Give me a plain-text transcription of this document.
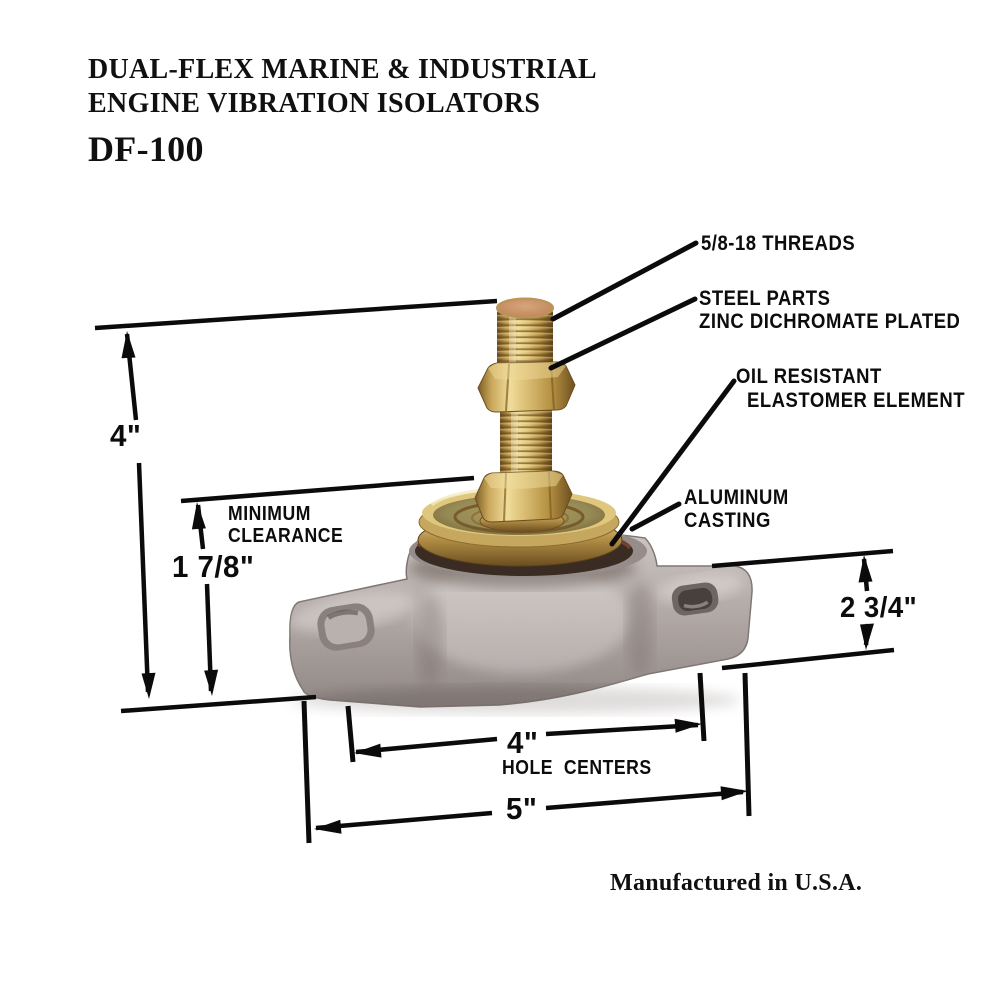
DUAL-FLEX MARINE & INDUSTRIAL
ENGINE VIBRATION ISOLATORS
DF-100
5/8-18 THREADS
STEEL PARTS
ZINC DICHROMATE PLATED
OIL RESISTANT
ELASTOMER ELEMENT
ALUMINUM
CASTING
MINIMUM
CLEARANCE
4"
1 7/8"
2 3/4"
4"
HOLE  CENTERS
5"
Manufactured in U.S.A.
